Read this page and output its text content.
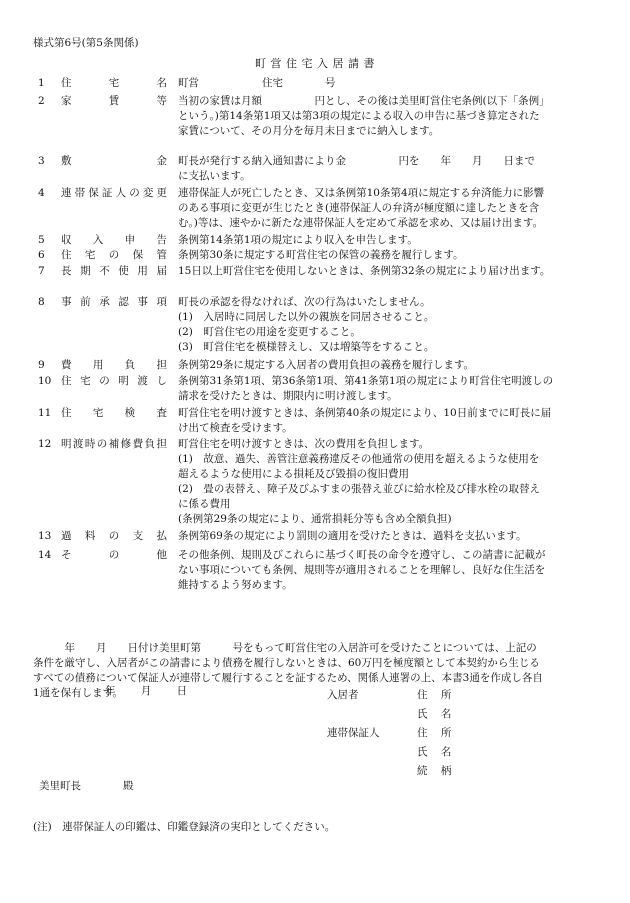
様式第6号(第5条関係)
町 営 住 宅 入 居 請 書
1	住宅名 町営　　　　　　住宅　　　　号
2	家賃等 当初の家賃は月額　　　　　円とし、その後は美里町営住宅条例(以下「条例」
という。)第14条第1項又は第3項の規定による収入の申告に基づき算定された
家賃について、その月分を毎月末日までに納入します。
3	敷金 町長が発行する納入通知書により金　　　　　円を　　年　　月　　日まで
に支払います。
4	連帯保証人の変更 連帯保証人が死亡したとき、又は条例第10条第4項に規定する弁済能力に影響
のある事項に変更が生じたとき(連帯保証人の弁済が極度額に達したときを含
む。)等は、速やかに新たな連帯保証人を定めて承認を求め、又は届け出ます。
5	収入申告 条例第14条第1項の規定により収入を申告します。
6	住宅の保管 条例第30条に規定する町営住宅の保管の義務を履行します。
7	長期不使用届 15日以上町営住宅を使用しないときは、条例第32条の規定により届け出ます。
8	事前承認事項 町長の承認を得なければ、次の行為はいたしません。
(1)　入居時に同居した以外の親族を同居させること。
(2)　町営住宅の用途を変更すること。
(3)　町営住宅を模様替えし、又は増築等をすること。
9	費用負担 条例第29条に規定する入居者の費用負担の義務を履行します。
10 住宅の明渡し 条例第31条第1項、第36条第1項、第41条第1項の規定により町営住宅明渡しの
請求を受けたときは、期限内に明け渡します。
11 住宅検査 町営住宅を明け渡すときは、条例第40条の規定により、10日前までに町長に届
け出て検査を受けます。
12 明渡時の補修費負担 町営住宅を明け渡すときは、次の費用を負担します。
(1)　故意、過失、善管注意義務違反その他通常の使用を超えるような使用を
超えるような使用による損耗及び毀損の復旧費用
(2)　畳の表替え、障子及びふすまの張替え並びに給水栓及び排水栓の取替え
に係る費用
(条例第29条の規定により、通常損耗分等も含め全額負担)
13 過料の支払 条例第69条の規定により罰則の適用を受けたときは、過料を支払います。
14 その他 その他条例、規則及びこれらに基づく町長の命令を遵守し、この請書に記載が
ない事項についても条例、規則等が適用されることを理解し、良好な住生活を
維持するよう努めます。
　　　年　　月　　日付け美里町第　　　号をもって町営住宅の入居許可を受けたことについては、上記の
条件を厳守し、入居者がこの請書により債務を履行しないときは、60万円を極度額として本契約から生じる
すべての債務について保証人が連帯して履行することを証するため、関係人連署の上、本書3通を作成し各自
1通を保有します。
年 月 日	入居者	住 所
氏 名
連帯保証人	住 所
氏 名
続 柄
美里町長　　　　殿
(注)　連帯保証人の印鑑は、印鑑登録済の実印としてください。
